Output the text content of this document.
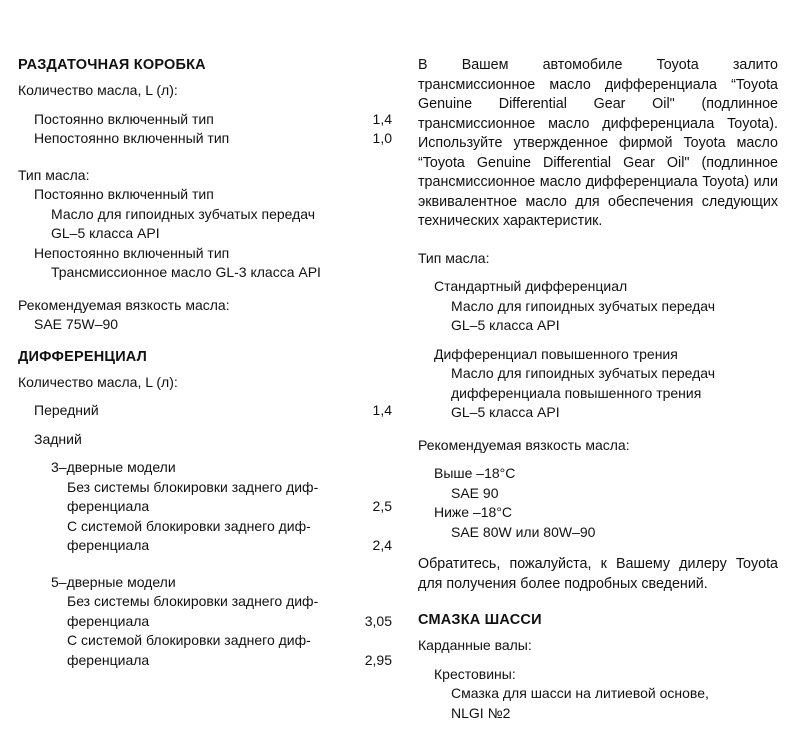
РАЗДАТОЧНАЯ КОРОБКА

Количество масла, L (л):

Постоянно включенный тип	1,4
Непостоянно включенный тип	1,0

Тип масла:

Постоянно включенный тип

Масло для гипоидных зубчатых передач

GL–5 класса API

Непостоянно включенный тип

Трансмиссионное масло GL-3 класса API

Рекомендуемая вязкость масла:

SAE 75W–90

ДИФФЕРЕНЦИАЛ

Количество масла, L (л):

Передний	1,4

Задний

3–дверные модели

Без системы блокировки заднего диф-
ференциала	2,5
С системой блокировки заднего диф-
ференциала	2,4

5–дверные модели

Без системы блокировки заднего диф-
ференциала	3,05
С системой блокировки заднего диф-
ференциала	2,95

В Вашем автомобиле Toyota залито трансмиссионное масло дифференциала “Toyota Genuine Differential Gear Oil" (подлинное трансмиссионное масло дифференциала Toyota). Используйте утвержденное фирмой Toyota масло “Toyota Genuine Differential Gear Oil" (подлинное трансмиссионное масло дифференциала Toyota) или эквивалентное масло для обеспечения следующих технических характеристик.

Тип масла:

Стандартный дифференциал

Масло для гипоидных зубчатых передач

GL–5 класса API

Дифференциал повышенного трения

Масло для гипоидных зубчатых передач

дифференциала повышенного трения

GL–5 класса API

Рекомендуемая вязкость масла:

Выше –18°C

SAE 90

Ниже –18°C

SAE 80W или 80W–90

Обратитесь, пожалуйста, к Вашему дилеру Toyota для получения более подробных сведений.

СМАЗКА ШАССИ

Карданные валы:

Крестовины:

Смазка для шасси на литиевой основе,

NLGI №2
